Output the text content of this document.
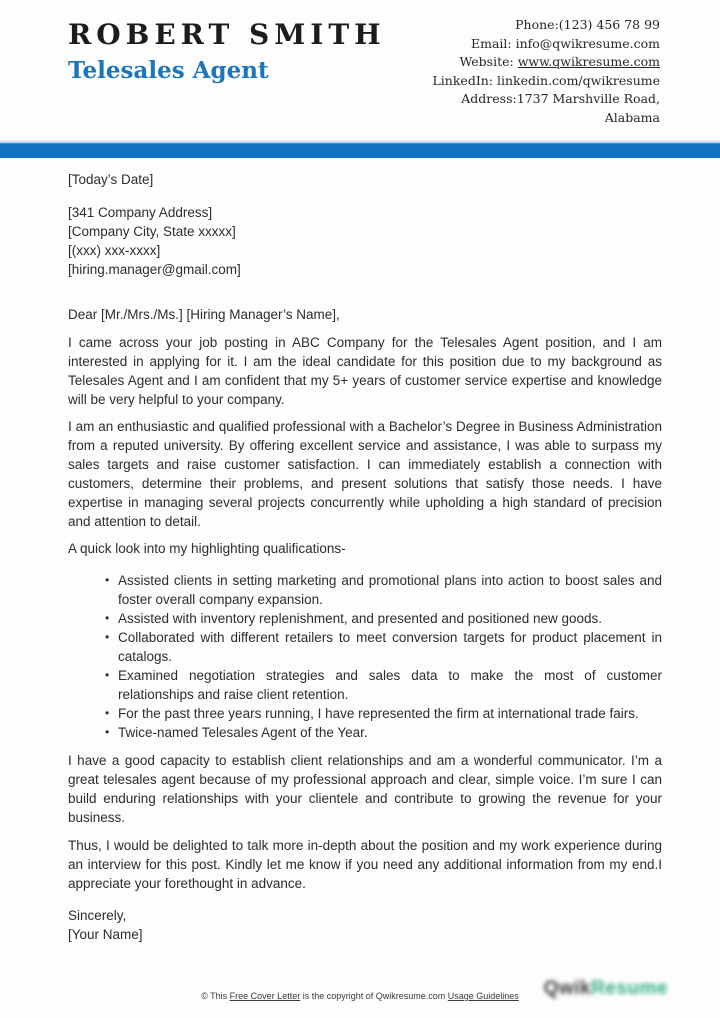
ROBERT SMITH
Telesales Agent
Phone:(123) 456 78 99
Email: info@qwikresume.com
Website: www.qwikresume.com
LinkedIn: linkedin.com/qwikresume
Address:1737 Marshville Road,
Alabama

[Today’s Date]

[341 Company Address]

[Company City, State xxxxx]

[(xxx) xxx-xxxx]

[hiring.manager@gmail.com]

Dear [Mr./Mrs./Ms.] [Hiring Manager’s Name],

I came across your job posting in ABC Company for the Telesales Agent position, and I am interested in applying for it. I am the ideal candidate for this position due to my background as Telesales Agent and I am confident that my 5+ years of customer service expertise and knowledge will be very helpful to your company.

I am an enthusiastic and qualified professional with a Bachelor’s Degree in Business Administration from a reputed university. By offering excellent service and assistance, I was able to surpass my sales targets and raise customer satisfaction. I can immediately establish a connection with customers, determine their problems, and present solutions that satisfy those needs. I have expertise in managing several projects concurrently while upholding a high standard of precision and attention to detail.

A quick look into my highlighting qualifications-

• Assisted clients in setting marketing and promotional plans into action to boost sales and foster overall company expansion.
• Assisted with inventory replenishment, and presented and positioned new goods.
• Collaborated with different retailers to meet conversion targets for product placement in catalogs.
• Examined negotiation strategies and sales data to make the most of customer relationships and raise client retention.
• For the past three years running, I have represented the firm at international trade fairs.
• Twice-named Telesales Agent of the Year.

I have a good capacity to establish client relationships and am a wonderful communicator. I’m a great telesales agent because of my professional approach and clear, simple voice. I’m sure I can build enduring relationships with your clientele and contribute to growing the revenue for your business.

Thus, I would be delighted to talk more in-depth about the position and my work experience during an interview for this post. Kindly let me know if you need any additional information from my end.I appreciate your forethought in advance.

Sincerely,

[Your Name]

© This Free Cover Letter is the copyright of Qwikresume.com Usage Guidelines	QwikResume
